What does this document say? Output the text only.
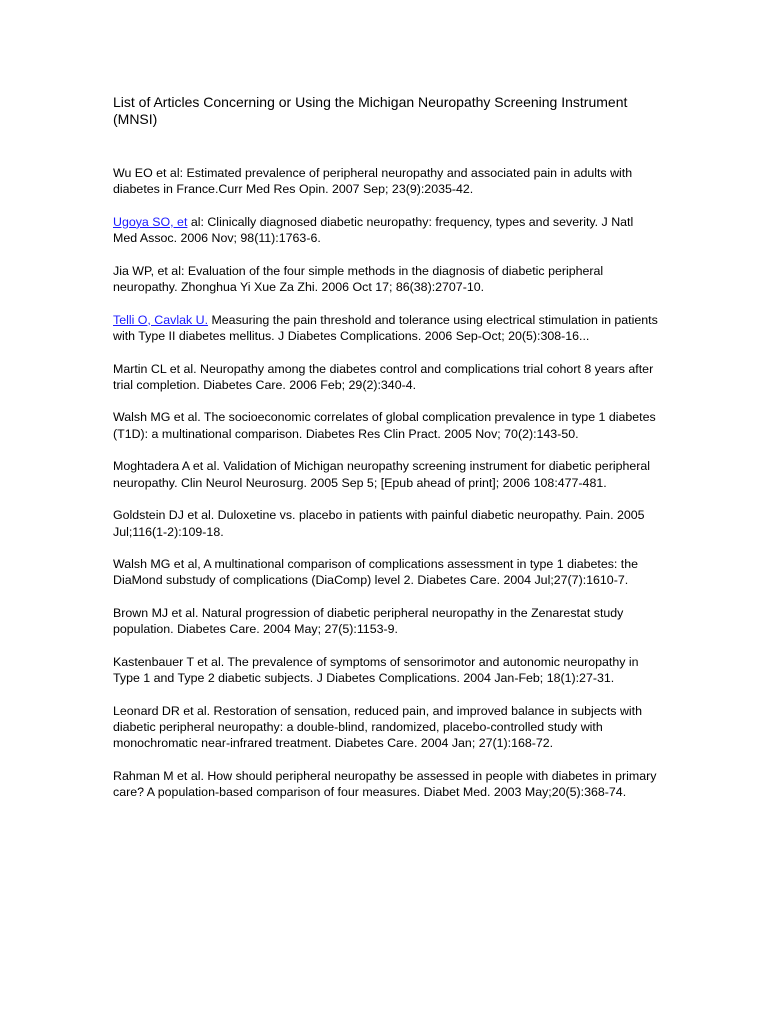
List of Articles Concerning or Using the Michigan Neuropathy Screening Instrument (MNSI)
Wu EO et al: Estimated prevalence of peripheral neuropathy and associated pain in adults with diabetes in France.Curr Med Res Opin. 2007 Sep; 23(9):2035-42.
Ugoya SO, et al: Clinically diagnosed diabetic neuropathy: frequency, types and severity. J Natl Med Assoc. 2006 Nov; 98(11):1763-6.
Jia WP, et al: Evaluation of the four simple methods in the diagnosis of diabetic peripheral neuropathy. Zhonghua Yi Xue Za Zhi. 2006 Oct 17; 86(38):2707-10.
Telli O, Cavlak U. Measuring the pain threshold and tolerance using electrical stimulation in patients with Type II diabetes mellitus. J Diabetes Complications. 2006 Sep-Oct; 20(5):308-16...
Martin CL et al. Neuropathy among the diabetes control and complications trial cohort 8 years after trial completion. Diabetes Care. 2006 Feb; 29(2):340-4.
Walsh MG et al. The socioeconomic correlates of global complication prevalence in type 1 diabetes (T1D): a multinational comparison. Diabetes Res Clin Pract. 2005 Nov; 70(2):143-50.
Moghtadera A et al. Validation of Michigan neuropathy screening instrument for diabetic peripheral neuropathy. Clin Neurol Neurosurg. 2005 Sep 5; [Epub ahead of print]; 2006 108:477-481.
Goldstein DJ et al. Duloxetine vs. placebo in patients with painful diabetic neuropathy. Pain. 2005 Jul;116(1-2):109-18.
Walsh MG et al, A multinational comparison of complications assessment in type 1 diabetes: the DiaMond substudy of complications (DiaComp) level 2. Diabetes Care. 2004 Jul;27(7):1610-7.
Brown MJ et al. Natural progression of diabetic peripheral neuropathy in the Zenarestat study population. Diabetes Care. 2004 May; 27(5):1153-9.
Kastenbauer T et al. The prevalence of symptoms of sensorimotor and autonomic neuropathy in Type 1 and Type 2 diabetic subjects. J Diabetes Complications. 2004 Jan-Feb; 18(1):27-31.
Leonard DR et al. Restoration of sensation, reduced pain, and improved balance in subjects with diabetic peripheral neuropathy: a double-blind, randomized, placebo-controlled study with monochromatic near-infrared treatment. Diabetes Care. 2004 Jan; 27(1):168-72.
Rahman M et al. How should peripheral neuropathy be assessed in people with diabetes in primary care? A population-based comparison of four measures. Diabet Med. 2003 May;20(5):368-74.
